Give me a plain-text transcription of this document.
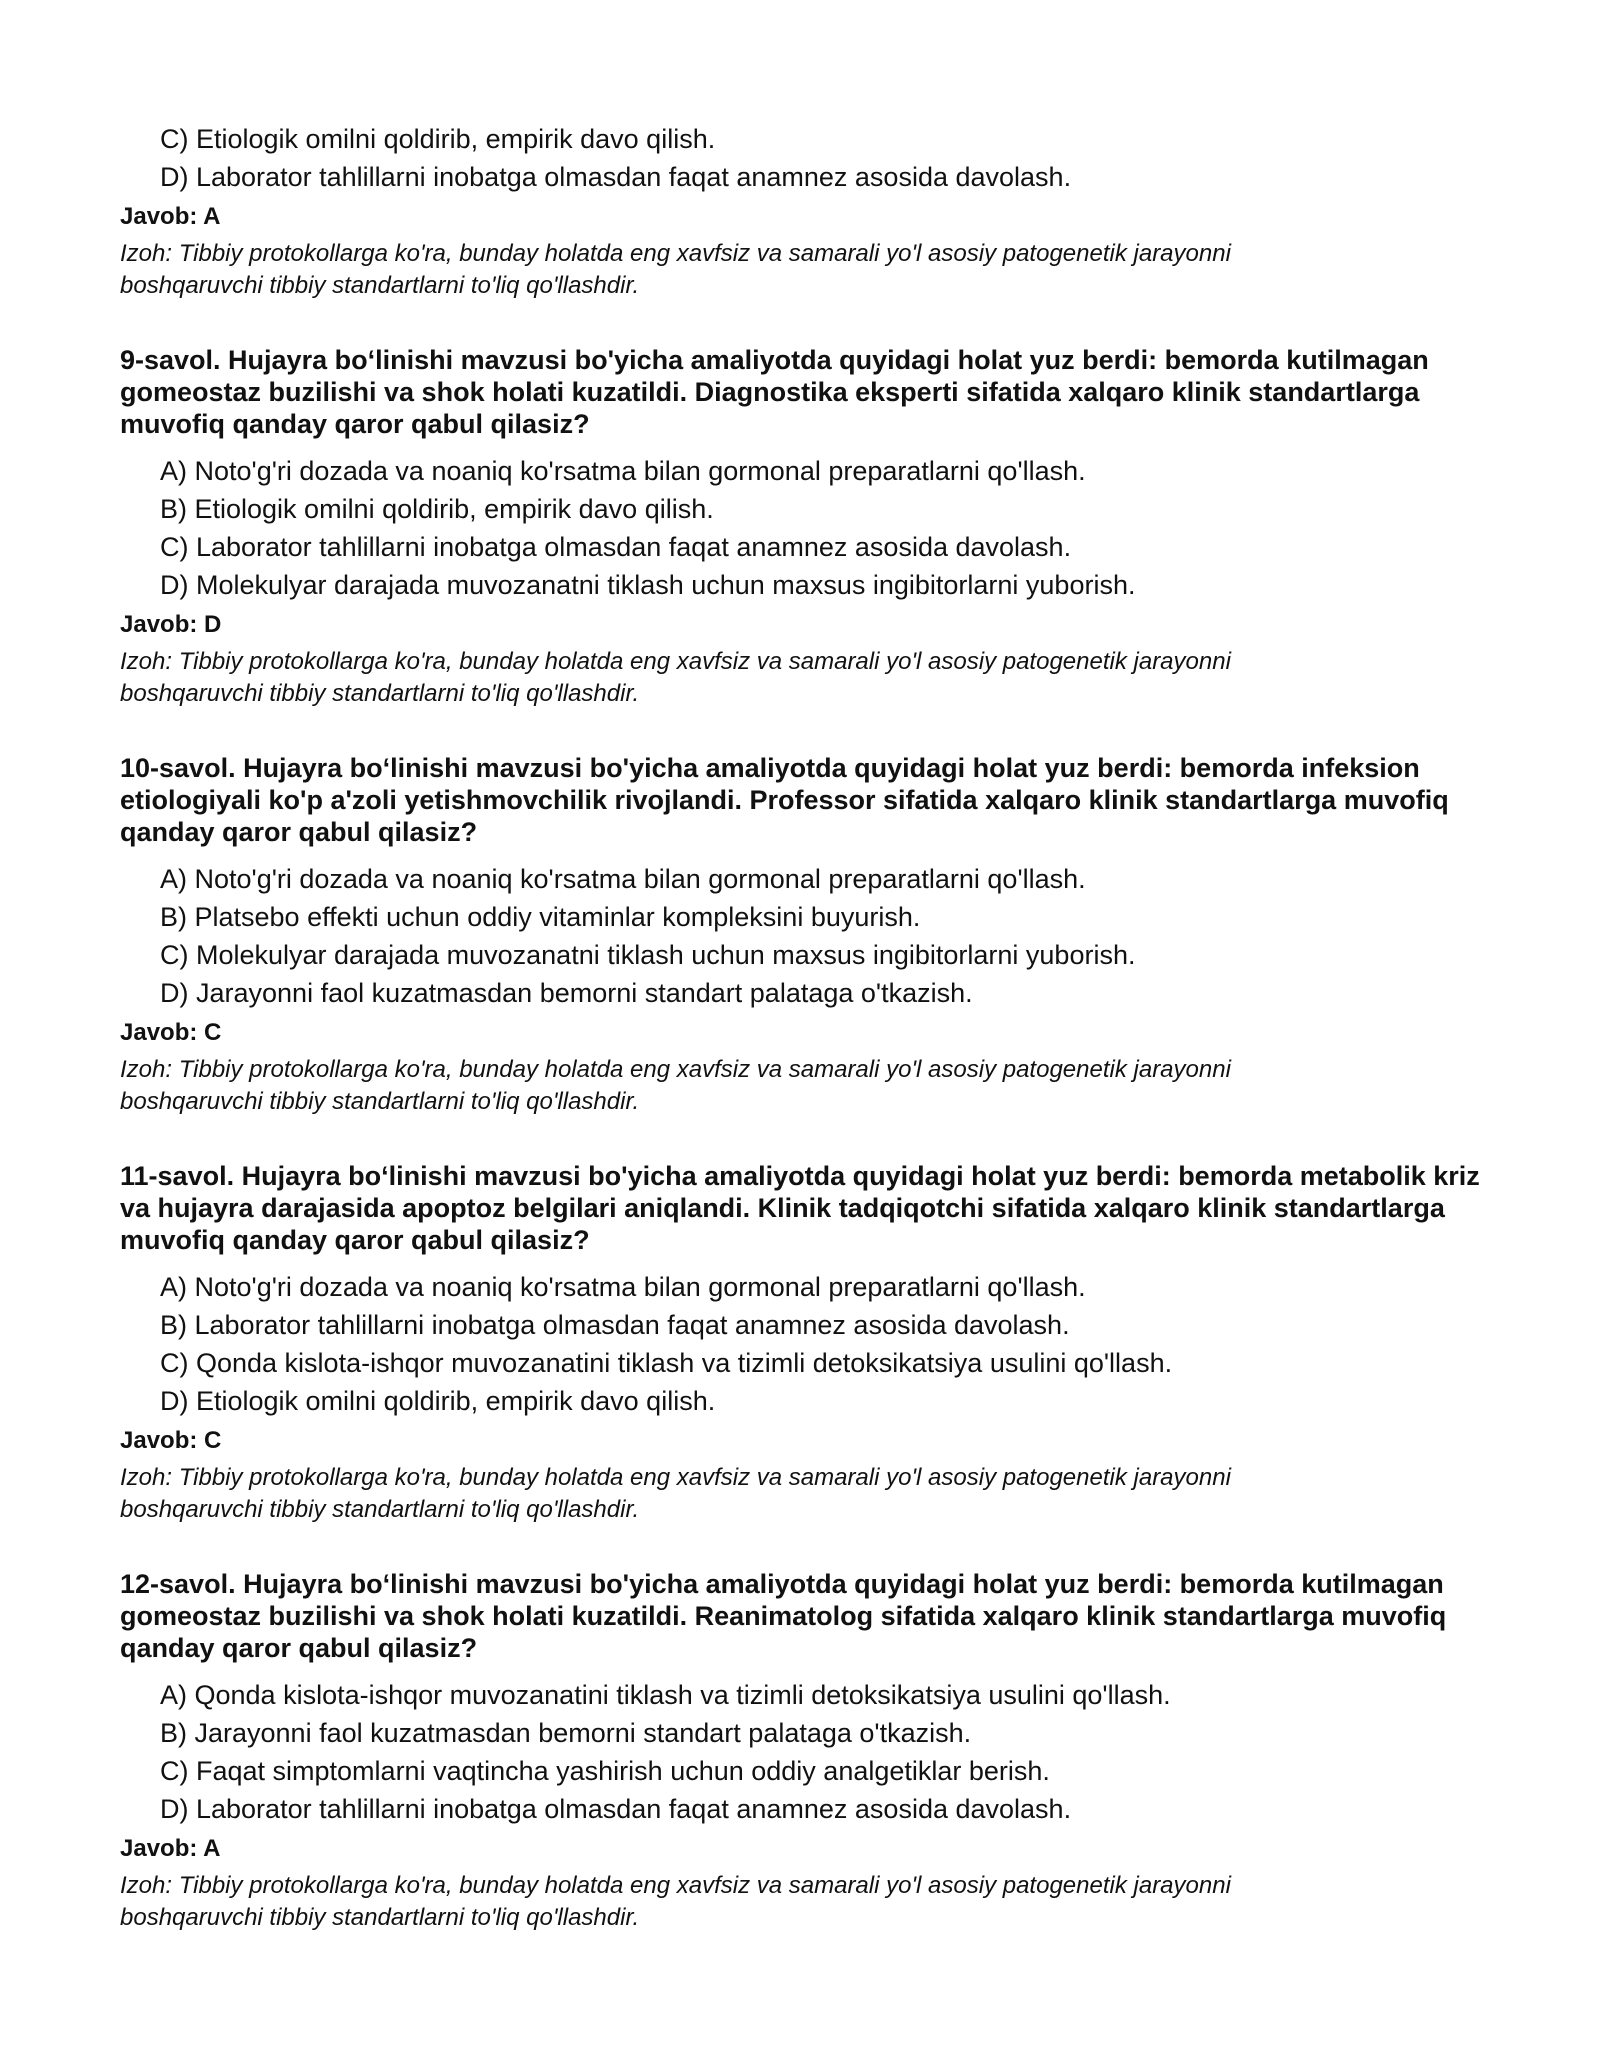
C) Etiologik omilni qoldirib, empirik davo qilish.
D) Laborator tahlillarni inobatga olmasdan faqat anamnez asosida davolash.
Javob: A
Izoh: Tibbiy protokollarga ko'ra, bunday holatda eng xavfsiz va samarali yo'l asosiy patogenetik jarayonni boshqaruvchi tibbiy standartlarni to'liq qo'llashdir.
9-savol. Hujayra bo‘linishi mavzusi bo'yicha amaliyotda quyidagi holat yuz berdi: bemorda kutilmagan gomeostaz buzilishi va shok holati kuzatildi. Diagnostika eksperti sifatida xalqaro klinik standartlarga muvofiq qanday qaror qabul qilasiz?
A) Noto'g'ri dozada va noaniq ko'rsatma bilan gormonal preparatlarni qo'llash.
B) Etiologik omilni qoldirib, empirik davo qilish.
C) Laborator tahlillarni inobatga olmasdan faqat anamnez asosida davolash.
D) Molekulyar darajada muvozanatni tiklash uchun maxsus ingibitorlarni yuborish.
Javob: D
Izoh: Tibbiy protokollarga ko'ra, bunday holatda eng xavfsiz va samarali yo'l asosiy patogenetik jarayonni boshqaruvchi tibbiy standartlarni to'liq qo'llashdir.
10-savol. Hujayra bo‘linishi mavzusi bo'yicha amaliyotda quyidagi holat yuz berdi: bemorda infeksion etiologiyali ko'p a'zoli yetishmovchilik rivojlandi. Professor sifatida xalqaro klinik standartlarga muvofiq qanday qaror qabul qilasiz?
A) Noto'g'ri dozada va noaniq ko'rsatma bilan gormonal preparatlarni qo'llash.
B) Platsebo effekti uchun oddiy vitaminlar kompleksini buyurish.
C) Molekulyar darajada muvozanatni tiklash uchun maxsus ingibitorlarni yuborish.
D) Jarayonni faol kuzatmasdan bemorni standart palataga o'tkazish.
Javob: C
Izoh: Tibbiy protokollarga ko'ra, bunday holatda eng xavfsiz va samarali yo'l asosiy patogenetik jarayonni boshqaruvchi tibbiy standartlarni to'liq qo'llashdir.
11-savol. Hujayra bo‘linishi mavzusi bo'yicha amaliyotda quyidagi holat yuz berdi: bemorda metabolik kriz va hujayra darajasida apoptoz belgilari aniqlandi. Klinik tadqiqotchi sifatida xalqaro klinik standartlarga muvofiq qanday qaror qabul qilasiz?
A) Noto'g'ri dozada va noaniq ko'rsatma bilan gormonal preparatlarni qo'llash.
B) Laborator tahlillarni inobatga olmasdan faqat anamnez asosida davolash.
C) Qonda kislota-ishqor muvozanatini tiklash va tizimli detoksikatsiya usulini qo'llash.
D) Etiologik omilni qoldirib, empirik davo qilish.
Javob: C
Izoh: Tibbiy protokollarga ko'ra, bunday holatda eng xavfsiz va samarali yo'l asosiy patogenetik jarayonni boshqaruvchi tibbiy standartlarni to'liq qo'llashdir.
12-savol. Hujayra bo‘linishi mavzusi bo'yicha amaliyotda quyidagi holat yuz berdi: bemorda kutilmagan gomeostaz buzilishi va shok holati kuzatildi. Reanimatolog sifatida xalqaro klinik standartlarga muvofiq qanday qaror qabul qilasiz?
A) Qonda kislota-ishqor muvozanatini tiklash va tizimli detoksikatsiya usulini qo'llash.
B) Jarayonni faol kuzatmasdan bemorni standart palataga o'tkazish.
C) Faqat simptomlarni vaqtincha yashirish uchun oddiy analgetiklar berish.
D) Laborator tahlillarni inobatga olmasdan faqat anamnez asosida davolash.
Javob: A
Izoh: Tibbiy protokollarga ko'ra, bunday holatda eng xavfsiz va samarali yo'l asosiy patogenetik jarayonni boshqaruvchi tibbiy standartlarni to'liq qo'llashdir.
